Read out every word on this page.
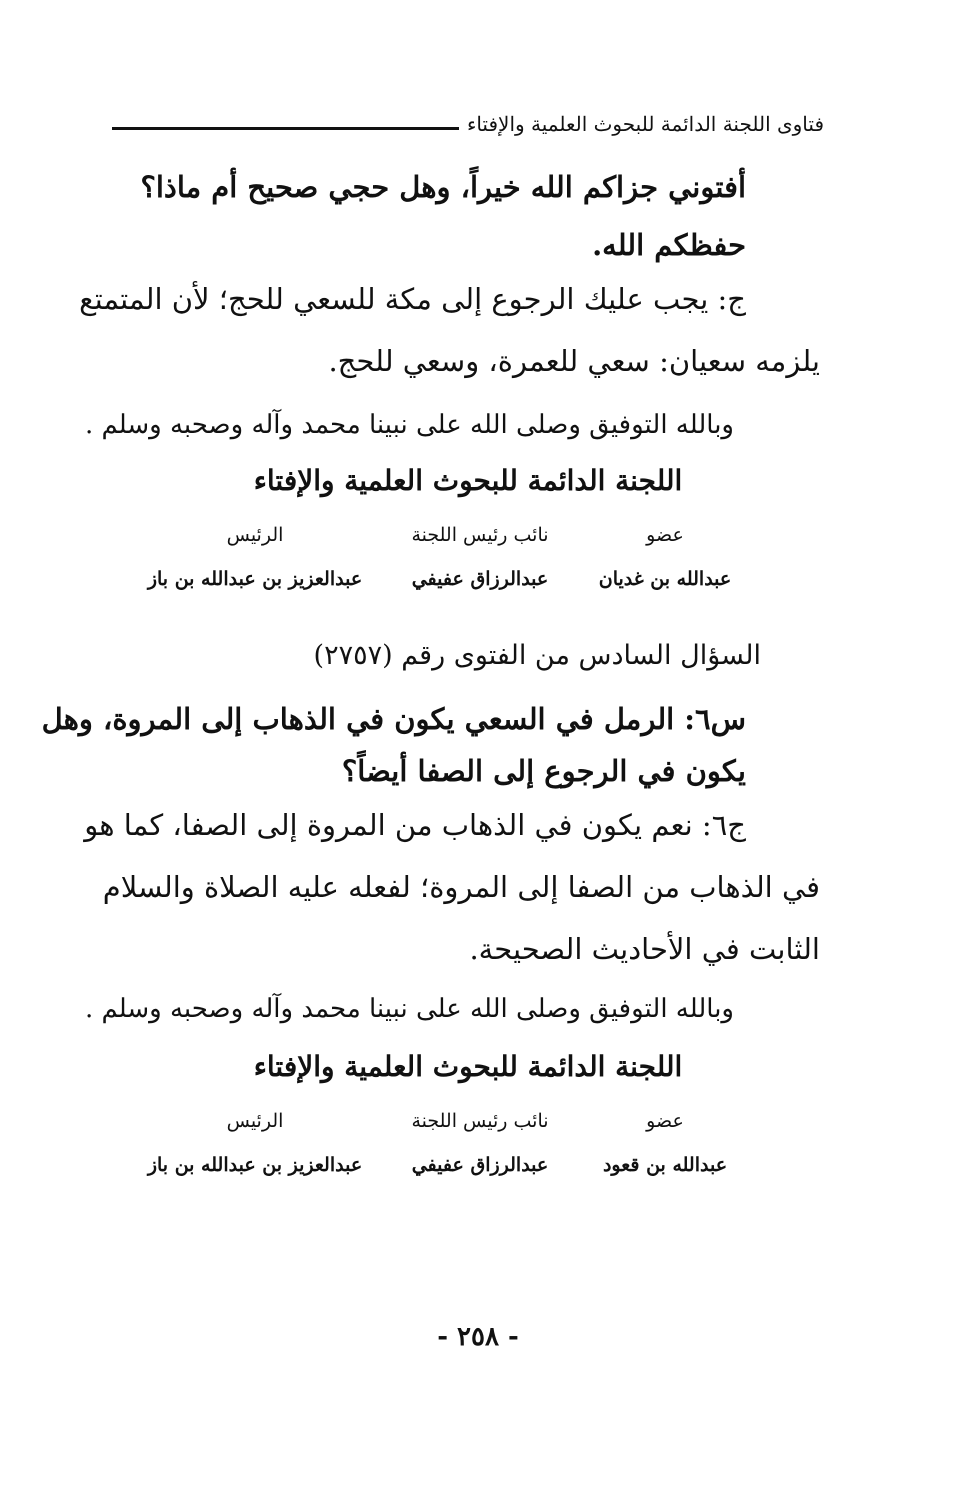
فتاوى اللجنة الدائمة للبحوث العلمية والإفتاء
أفتوني جزاكم الله خيراً، وهل حجي صحيح أم ماذا؟
حفظكم الله.
ج: يجب عليك الرجوع إلى مكة للسعي للحج؛ لأن المتمتع
يلزمه سعيان: سعي للعمرة، وسعي للحج.
وبالله التوفيق وصلى الله على نبينا محمد وآله وصحبه وسلم .
اللجنة الدائمة للبحوث العلمية والإفتاء
عضو
نائب رئيس اللجنة
الرئيس
عبدالله بن غديان
عبدالرزاق عفيفي
عبدالعزيز بن عبدالله بن باز
السؤال السادس من الفتوى رقم (٢٧٥٧)
س٦: الرمل في السعي يكون في الذهاب إلى المروة، وهل
يكون في الرجوع إلى الصفا أيضاً؟
ج٦: نعم يكون في الذهاب من المروة إلى الصفا، كما هو
في الذهاب من الصفا إلى المروة؛ لفعله عليه الصلاة والسلام
الثابت في الأحاديث الصحيحة.
وبالله التوفيق وصلى الله على نبينا محمد وآله وصحبه وسلم .
اللجنة الدائمة للبحوث العلمية والإفتاء
عضو
نائب رئيس اللجنة
الرئيس
عبدالله بن قعود
عبدالرزاق عفيفي
عبدالعزيز بن عبدالله بن باز
- ٢٥٨ -
